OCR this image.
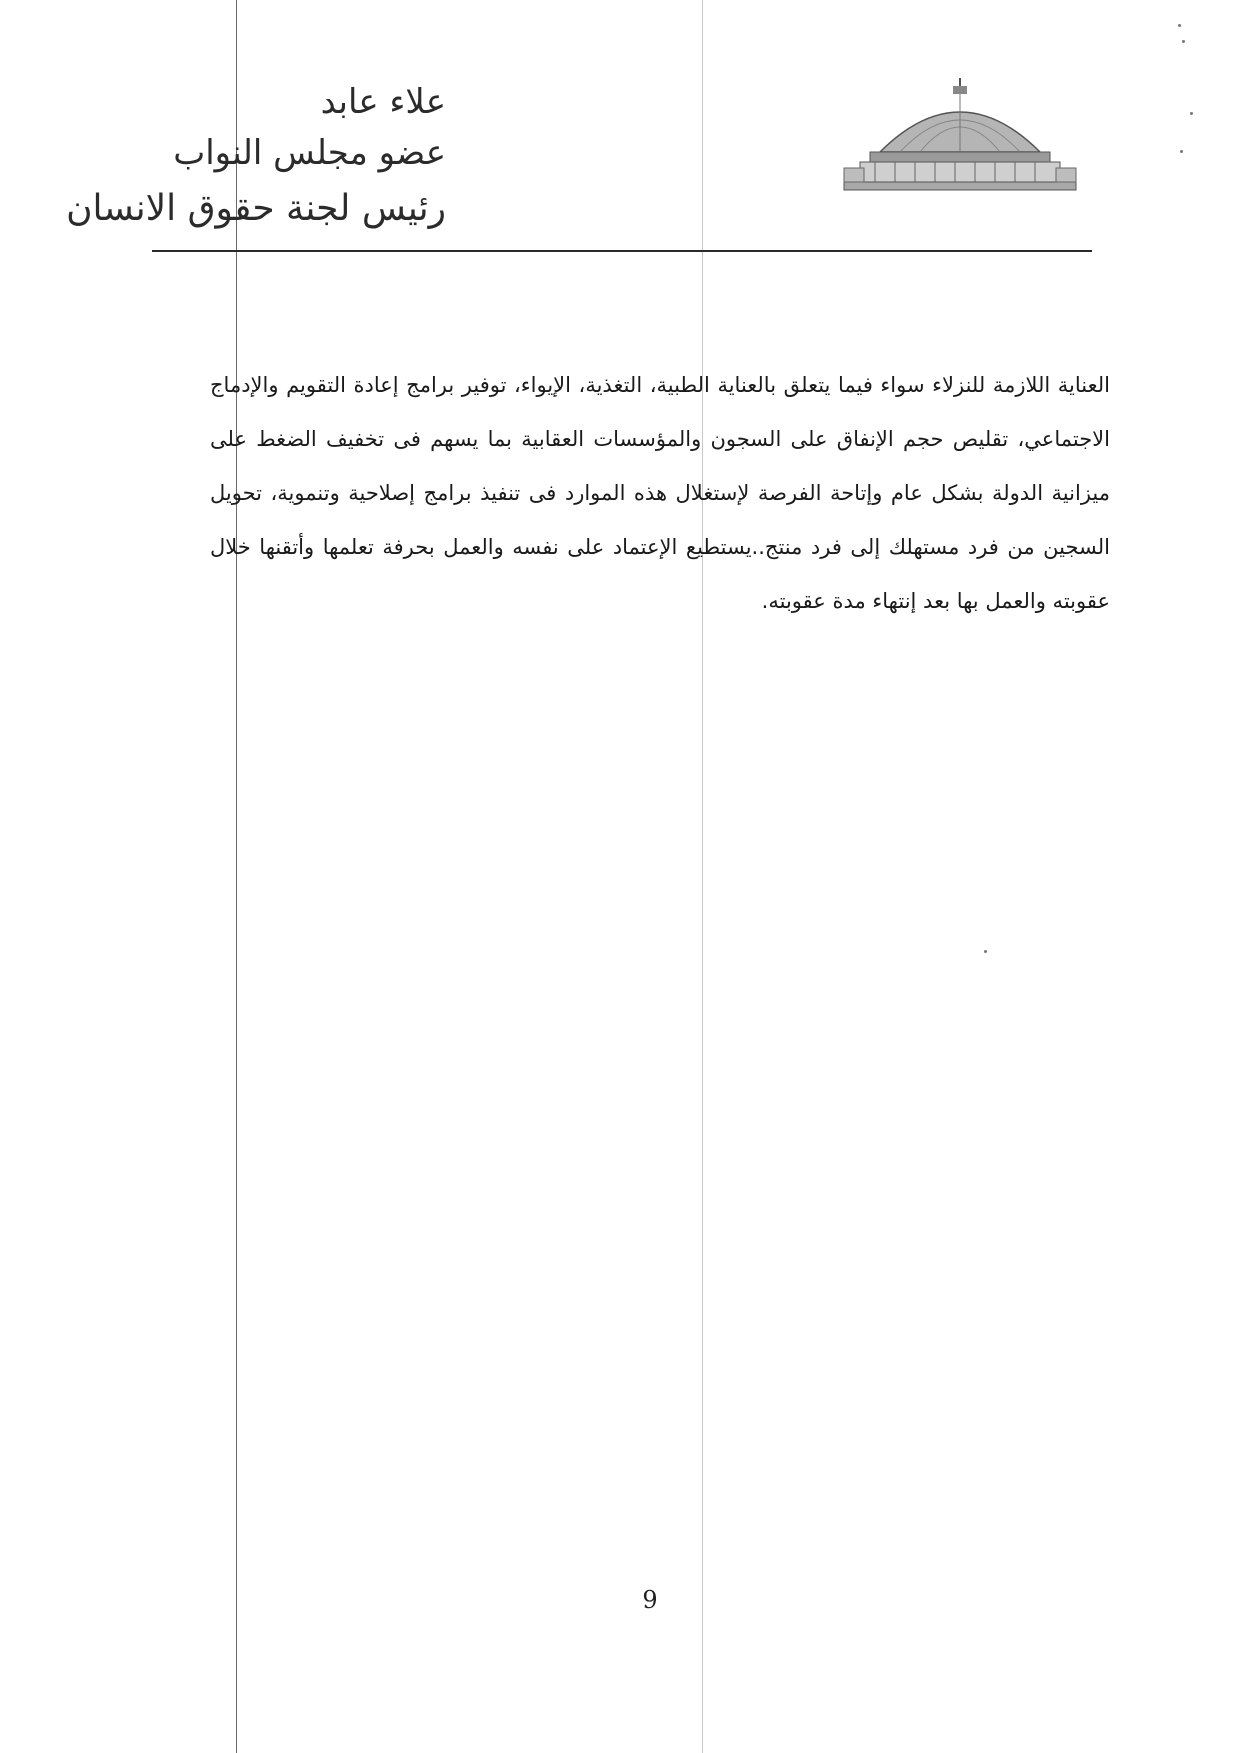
علاء عابد
عضو مجلس النواب
رئيس لجنة حقوق الانسان
العناية اللازمة للنزلاء سواء فيما يتعلق بالعناية الطبية، التغذية، الإيواء، توفير برامج إعادة التقويم والإدماج الاجتماعي، تقليص حجم الإنفاق على السجون والمؤسسات العقابية بما يسهم فى تخفيف الضغط على ميزانية الدولة بشكل عام وإتاحة الفرصة لإستغلال هذه الموارد فى تنفيذ برامج إصلاحية وتنموية، تحويل السجين من فرد مستهلك إلى فرد منتج..يستطيع الإعتماد على نفسه والعمل بحرفة تعلمها وأتقنها خلال عقوبته والعمل بها بعد إنتهاء مدة عقوبته.
9
